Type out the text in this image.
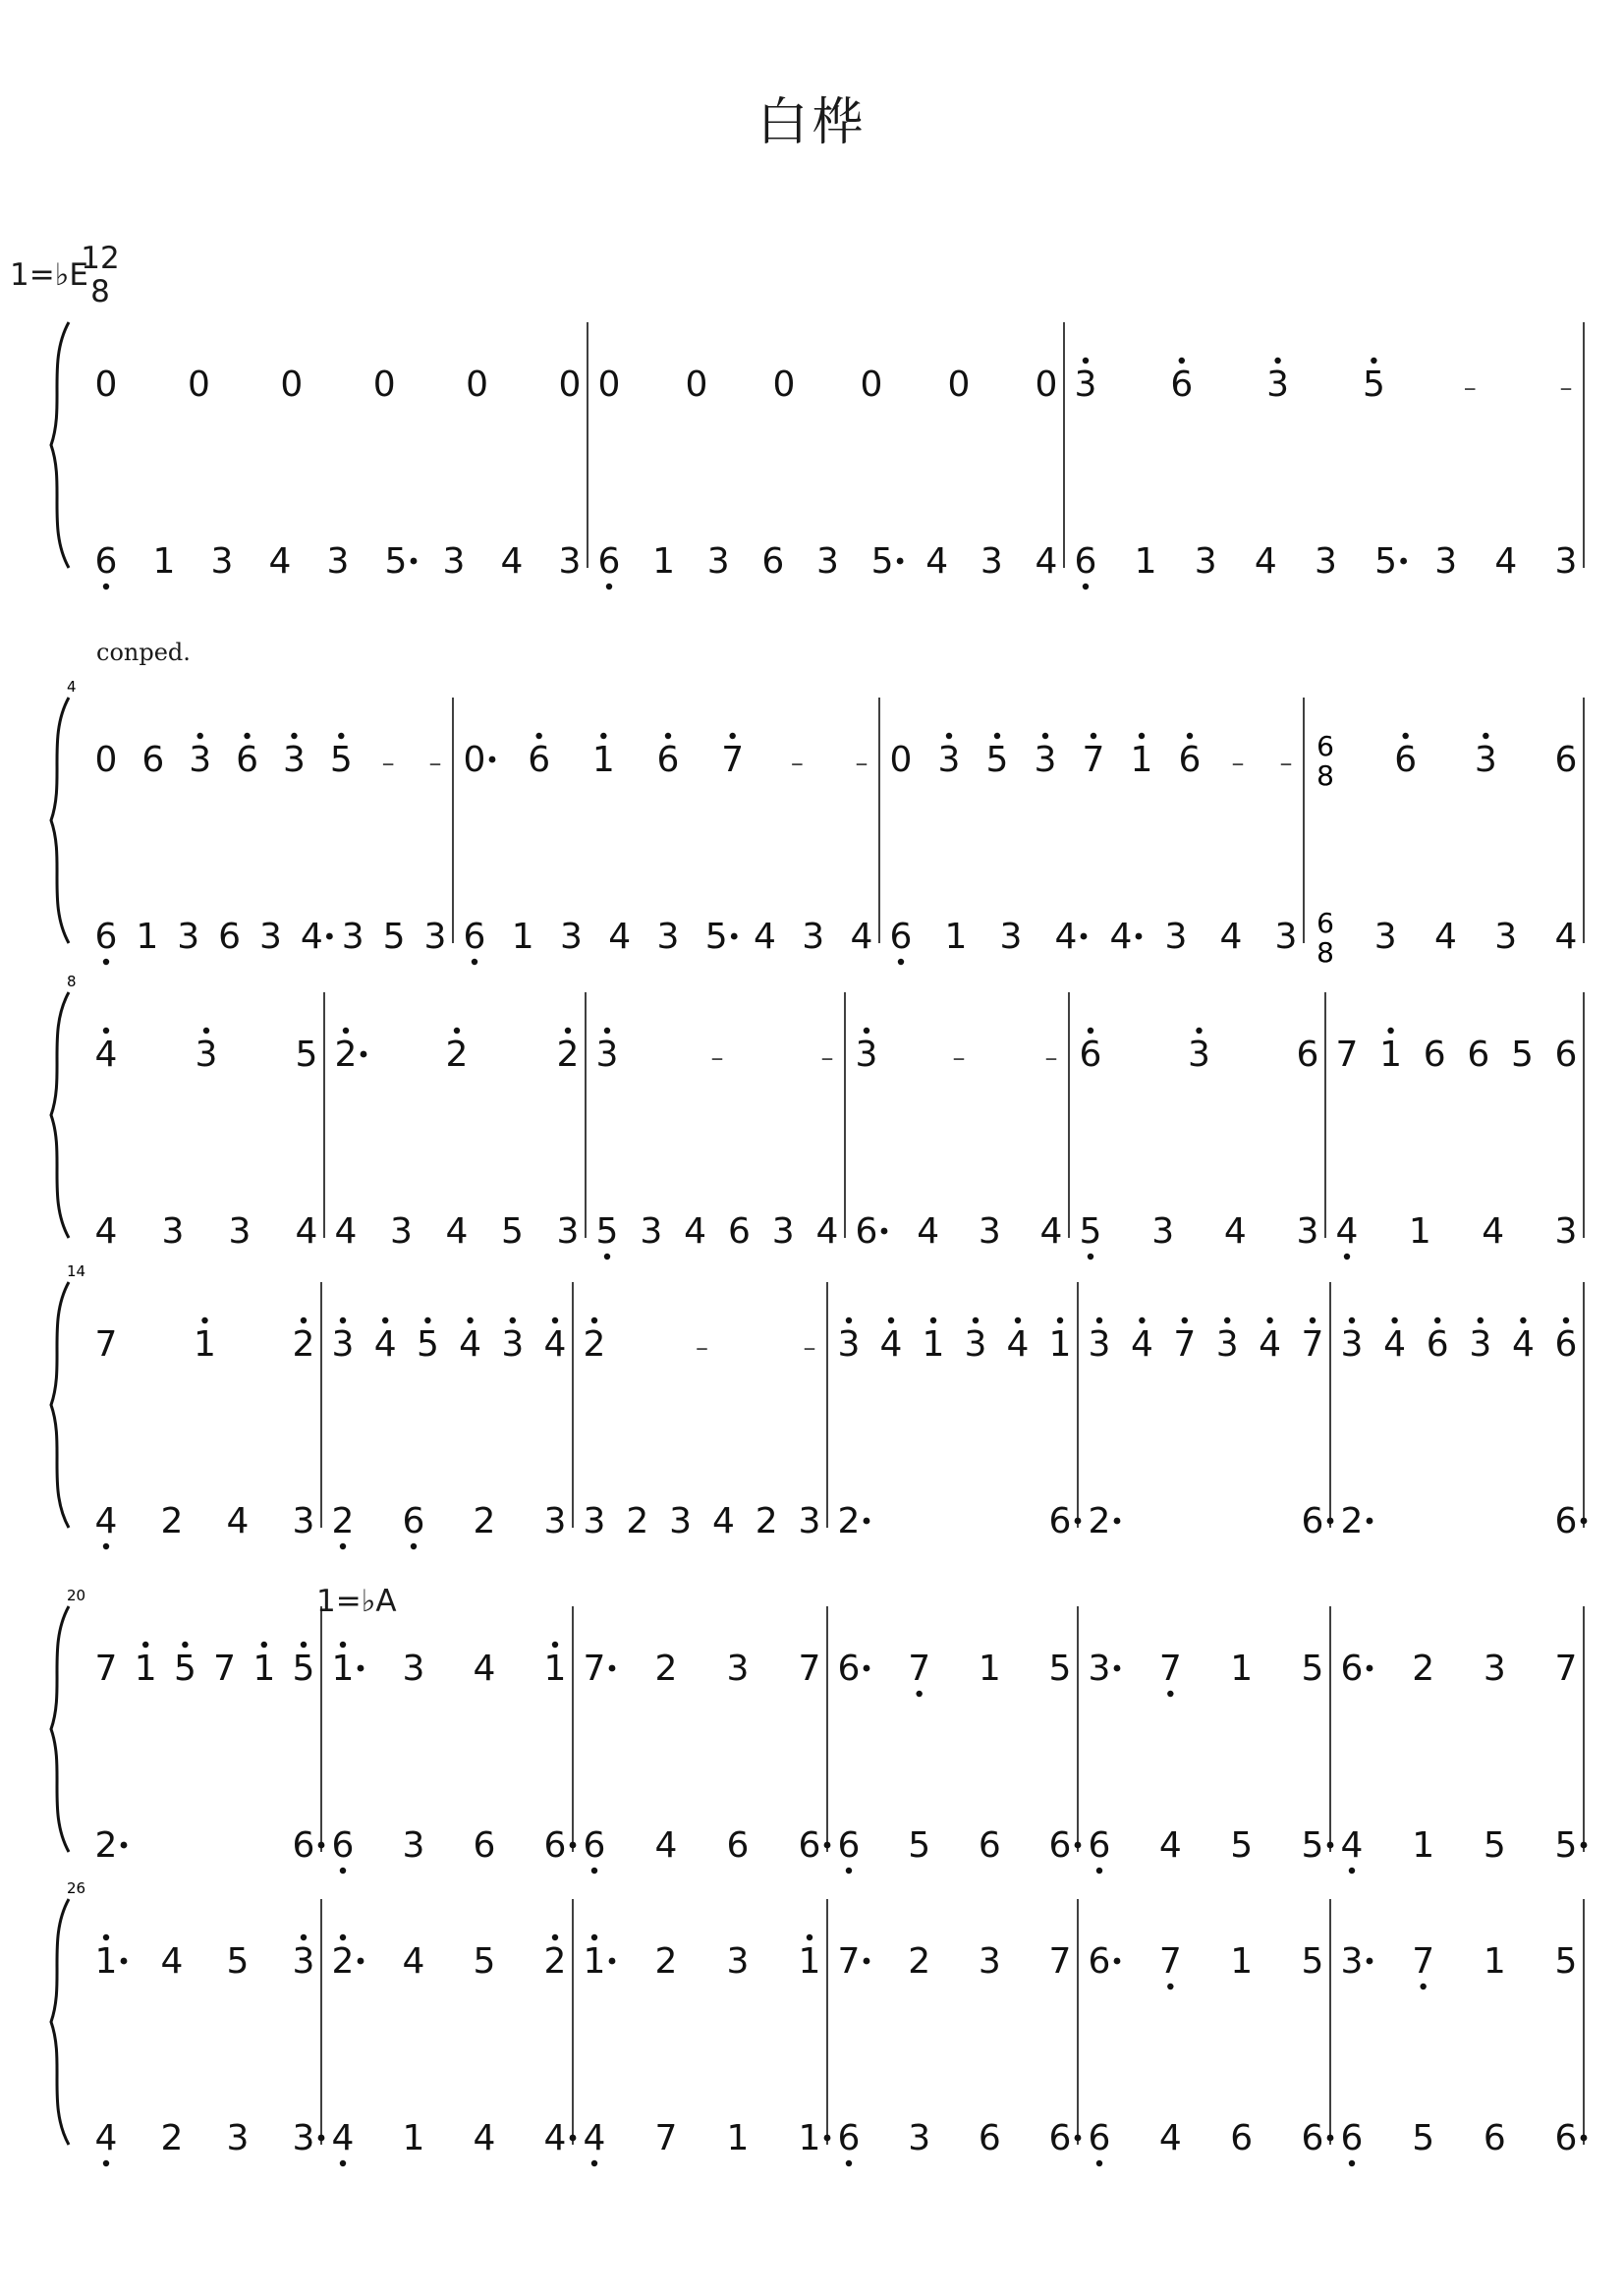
白桦
1=♭E
12
8
conped.
1=♭A
0 0 0 0 0 0
6 1 3 4 3 5 3 4 3
0 0 0 0 0 0
6 1 3 6 3 5 4 3 4
3 6 3 5	–	–
6 1 3 4 3 5 3 4 3
4
0 6 3 6 3 5 – –
6 1 3 6 3 4 3 5 3
0 6 1 6 7 – –
6 1 3 4 3 5 4 3 4
0 3 5 3 7 1 6 – –
6 1 3 4 4 3 4 3
6
8 6 3 6
6
8 3 4 3 4
8
4 3 5
4 3 3 4
2	2	2
4 3 4 5 3
3	–	–
5 3 4 6 3 4
3	–	–
6 4 3 4
6 3 6
5 3 4 3
7 1 6 6 5 6
4 1 4 3
14
7 1 2
4 2 4 3
3 4 5 4 3 4
2 6 2 3
2	–	–
3 2 3 4 2 3
3 4 1 3 4 1
2	6
3 4 7 3 4 7
2	6
3 4 6 3 4 6
2	6
20
7 1 5 7 1 5
2	6
1 3 4 1
6 3 6 6
7 2 3 7
6 4 6 6
6 7 1 5
6 5 6 6
3 7 1 5
6 4 5 5
6 2 3 7
4 1 5 5
26
1 4 5 3
4 2 3 3
2 4 5 2
4 1 4 4
1 2 3 1
4 7 1 1
7 2 3 7
6 3 6 6
6 7 1 5
6 4 6 6
3 7 1 5
6 5 6 6
